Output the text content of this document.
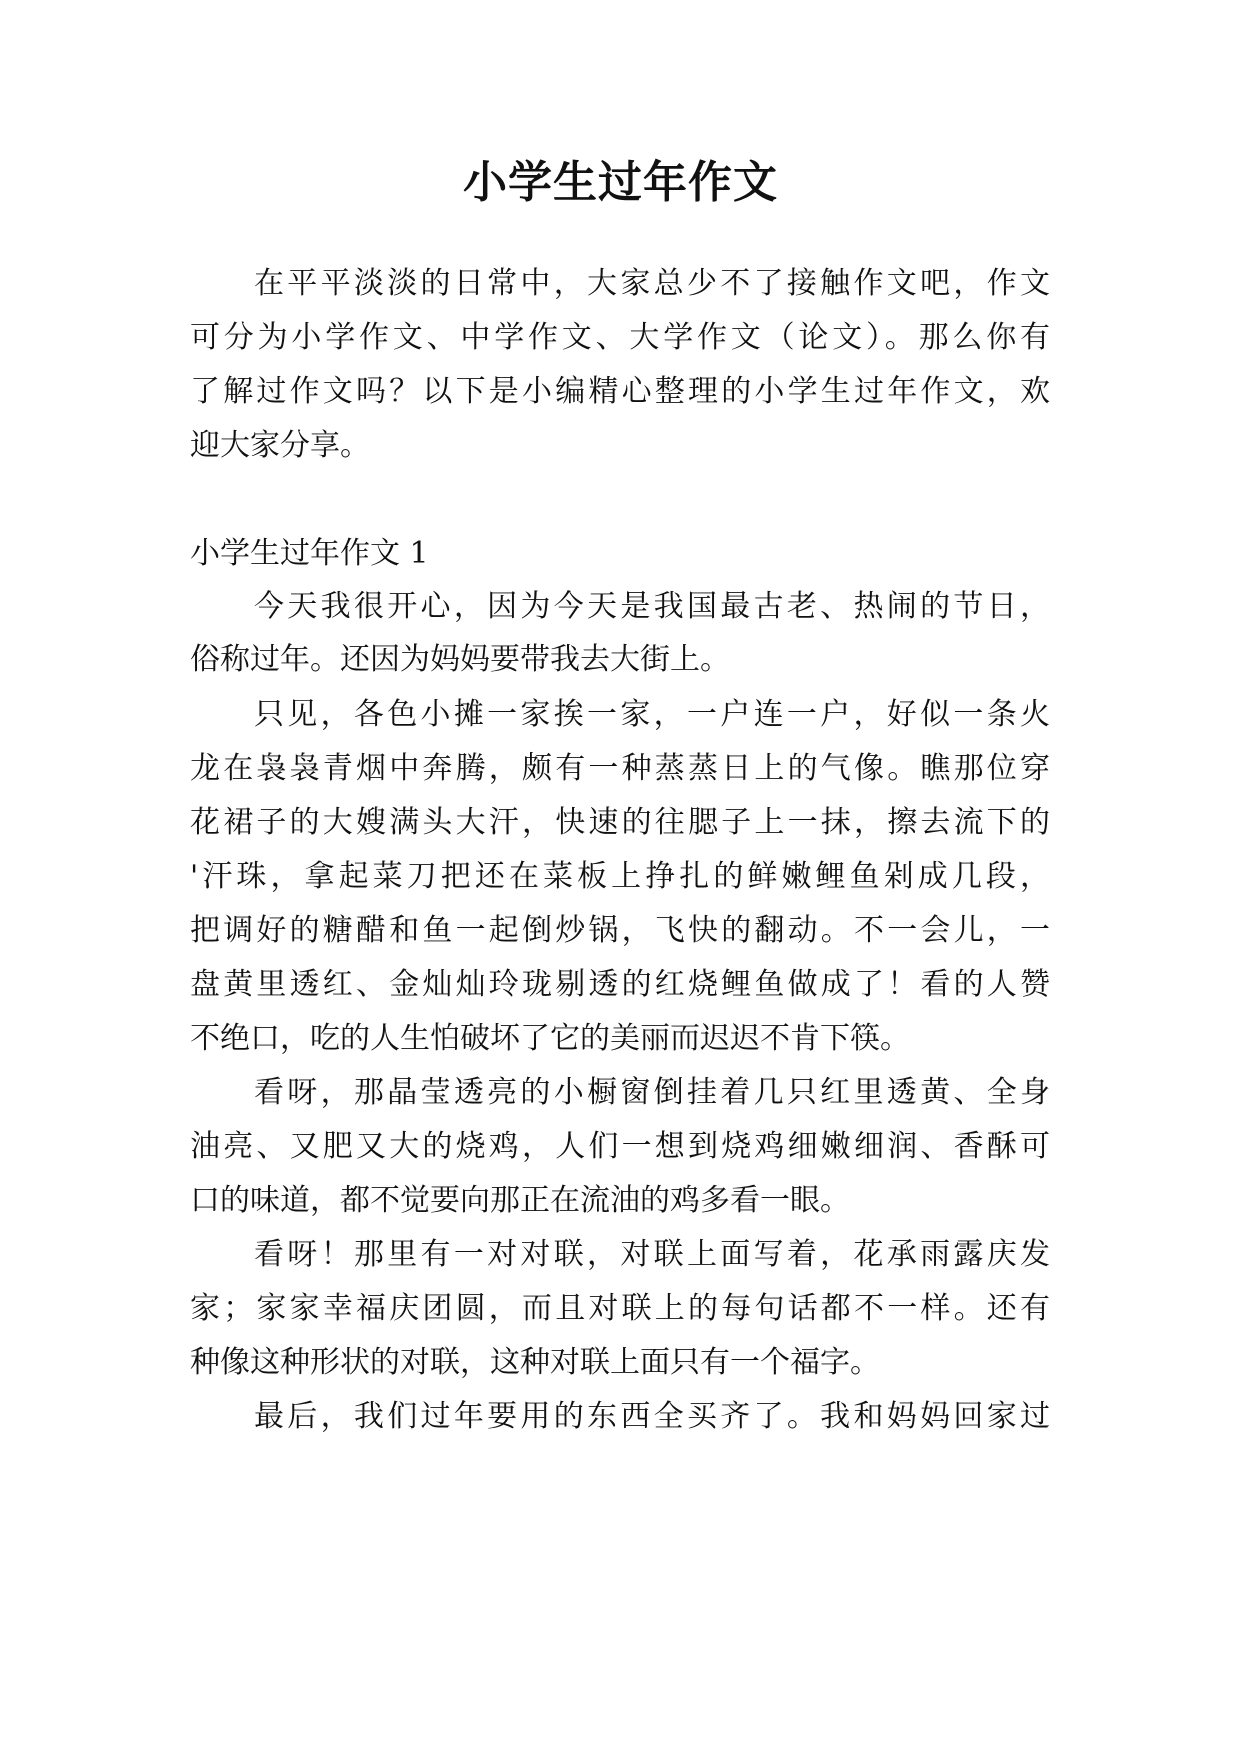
小学生过年作文
在平平淡淡的日常中，大家总少不了接触作文吧，作文
可分为小学作文、中学作文、大学作文（论文）。那么你有
了解过作文吗？以下是小编精心整理的小学生过年作文，欢
迎大家分享。
小学生过年作文 1
今天我很开心，因为今天是我国最古老、热闹的节日，
俗称过年。还因为妈妈要带我去大街上。
只见，各色小摊一家挨一家，一户连一户，好似一条火
龙在袅袅青烟中奔腾，颇有一种蒸蒸日上的气像。瞧那位穿
花裙子的大嫂满头大汗，快速的往腮子上一抹，擦去流下的
'汗珠，拿起菜刀把还在菜板上挣扎的鲜嫩鲤鱼剁成几段，
把调好的糖醋和鱼一起倒炒锅，飞快的翻动。不一会儿，一
盘黄里透红、金灿灿玲珑剔透的红烧鲤鱼做成了！看的人赞
不绝口，吃的人生怕破坏了它的美丽而迟迟不肯下筷。
看呀，那晶莹透亮的小橱窗倒挂着几只红里透黄、全身
油亮、又肥又大的烧鸡，人们一想到烧鸡细嫩细润、香酥可
口的味道，都不觉要向那正在流油的鸡多看一眼。
看呀！那里有一对对联，对联上面写着，花承雨露庆发
家；家家幸福庆团圆，而且对联上的每句话都不一样。还有
种像这种形状的对联，这种对联上面只有一个福字。
最后，我们过年要用的东西全买齐了。我和妈妈回家过
